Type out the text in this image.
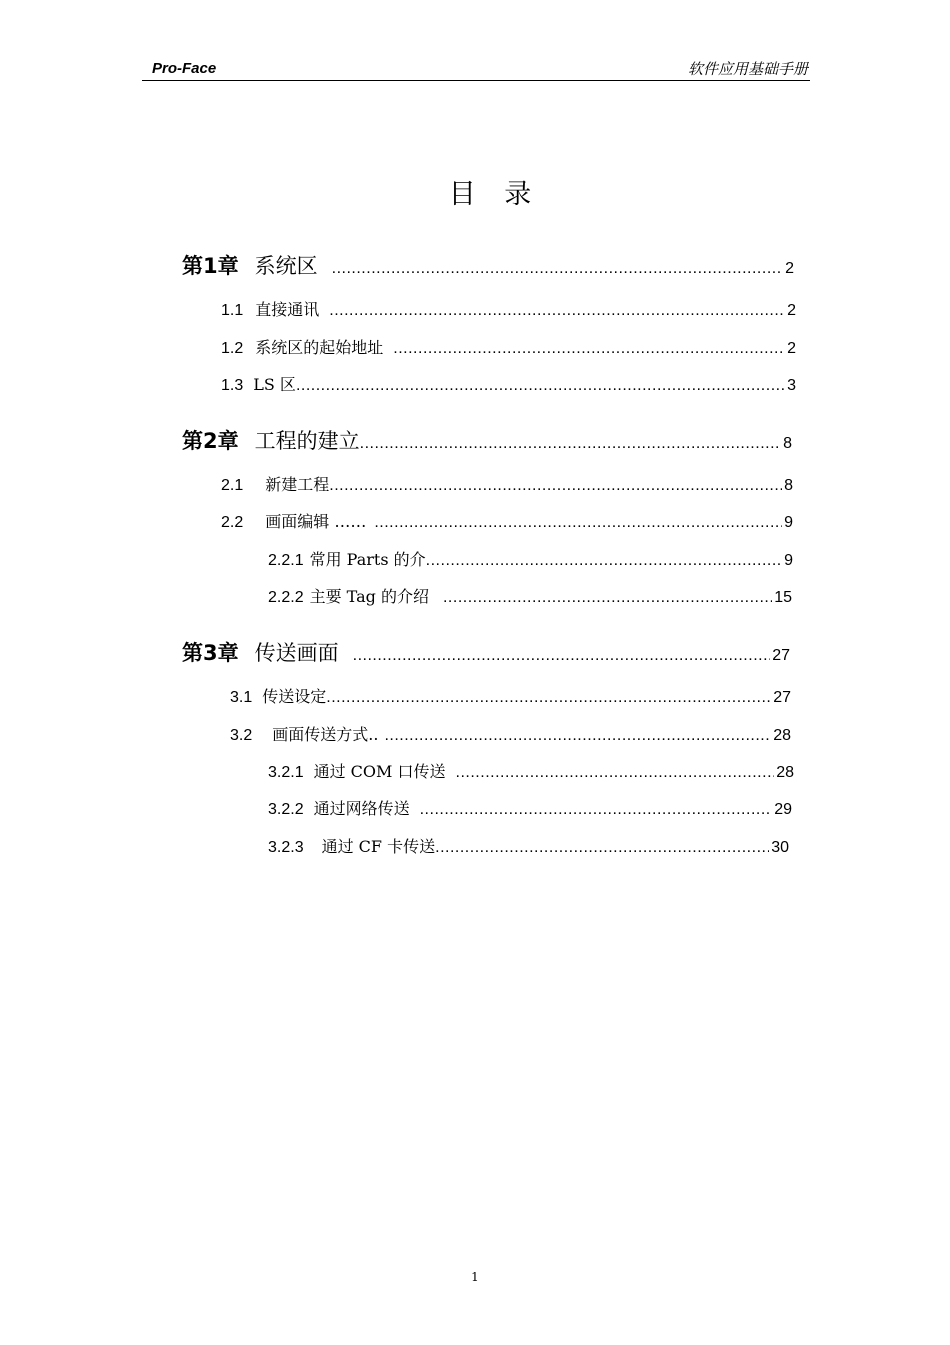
Pro-Face	软件应用基础手册
目 录
第1章 系统区 .....	2
1.1 直接通讯 .....	2
1.2 系统区的起始地址 .....	2
1.3 LS 区 .....	3
第2章 工程的建立 .....	8
2.1 新建工程 .....	8
2.2 画面编辑 …… .....	9
2.2.1 常用 Parts 的介 .....	9
2.2.2 主要 Tag 的介绍 .....	15
第3章 传送画面 .....	27
3.1 传送设定 .....	27
3.2 画面传送方式.. .....	28
3.2.1 通过 COM 口传送 .....	28
3.2.2 通过网络传送 .....	29
3.2.3 通过 CF 卡传送 .....	30
1
